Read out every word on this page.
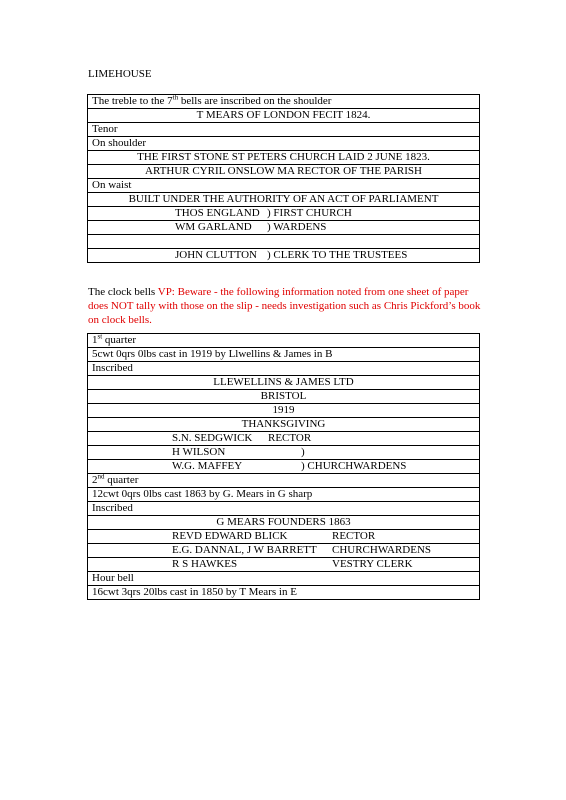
LIMEHOUSE
The treble to the 7th bells are inscribed on the shoulder
T MEARS OF LONDON FECIT 1824.
Tenor
On shoulder
THE FIRST STONE ST PETERS CHURCH LAID 2 JUNE 1823.
ARTHUR CYRIL ONSLOW MA RECTOR OF THE PARISH
On waist
BUILT UNDER THE AUTHORITY OF AN ACT OF PARLIAMENT
THOS ENGLAND ) FIRST CHURCH
WM GARLAND ) WARDENS

JOHN CLUTTON ) CLERK TO THE TRUSTEES
The clock bells VP: Beware - the following information noted from one sheet of paper does NOT tally with those on the slip - needs investigation such as Chris Pickford’s book on clock bells.
1st quarter
5cwt 0qrs 0lbs cast in 1919 by Llwellins & James in B
Inscribed
LLEWELLINS & JAMES LTD
BRISTOL
1919
THANKSGIVING
S.N. SEDGWICK RECTOR
H WILSON	)
W.G. MAFFEY	) CHURCHWARDENS
2nd quarter
12cwt 0qrs 0lbs cast 1863 by G. Mears in G sharp
Inscribed
G MEARS FOUNDERS 1863
REVD EDWARD BLICK	RECTOR
E.G. DANNAL, J W BARRETT CHURCHWARDENS
R S HAWKES	VESTRY CLERK
Hour bell
16cwt 3qrs 20lbs cast in 1850 by T Mears in E
